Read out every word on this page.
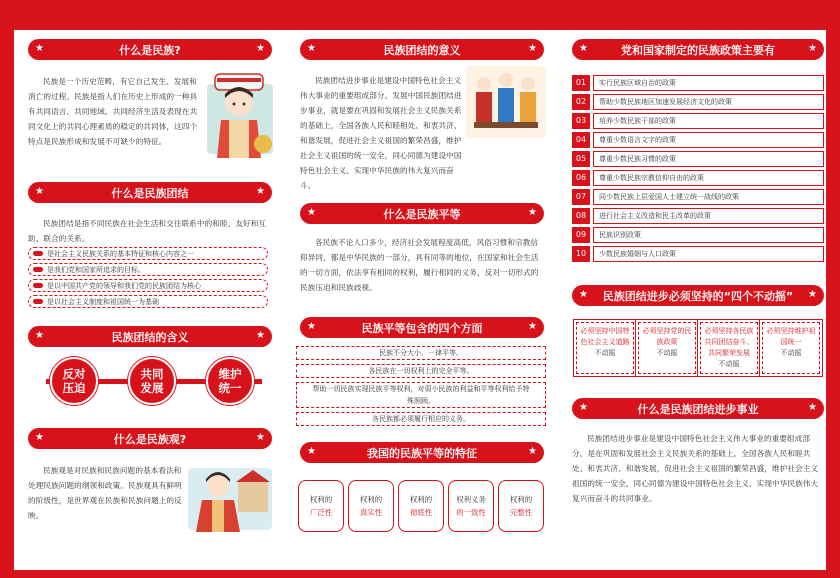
★	什么是民族?	★
民族是一个历史范畴，有它自己发生、发展和消亡的过程。民族是指人们在历史上形成的一种具有共同语言、共同地域、共同经济生活及表现在共同文化上的共同心理素质的稳定的共同体，这四个特点是民族形成和发展不可缺少的特征。
★	什么是民族团结	★
民族团结是指不同民族在社会生活和交往联系中的和睦、友好和互助、联合的关系。
是社会主义民族关系的基本特征和核心内容之一
是我们党和国家所追求的目标。
是以中国共产党的领导和我们党的民族团结为核心
是以社会主义制度和祖国统一为基础
★	民族团结的含义	★
反对
压迫
共同
发展
维护
统一
★	什么是民族观?	★
民族观是对民族和民族问题的基本看法和处理民族问题的纲领和政策。民族观具有鲜明的阶级性，是世界观在民族和民族问题上的反映。
★	民族团结的意义	★
民族团结进步事业是建设中国特色社会主义伟大事业的重要组成部分。发展中国民族团结进步事业，就是要在巩固和发展社会主义民族关系的基础上，全国各族人民和睦相处、和衷共济、和谐发展，促进社会主义祖国的繁荣昌盛，维护社会主义祖国的统一安全，同心同德为建设中国特色社会主义、实现中华民族的伟大复兴而奋斗。
★	什么是民族平等	★
各民族不论人口多少，经济社会发展程度高低，风俗习惯和宗教信仰异同，都是中华民族的一部分，具有同等的地位，在国家和社会生活的一切方面，依法享有相同的权利，履行相同的义务，反对一切形式的民族压迫和民族歧视。
★	民族平等包含的四个方面	★
民族不分大小，一律平等。
各民族在一切权利上的完全平等。
帮助一切民族实现民族平等权利，对弱小民族的利益和平等权利给予特殊照顾。
各民族都必须履行相应的义务。
★	我国的民族平等的特征	★
权利的
广泛性
权利的
真实性
权利的
彻底性
权利义务
的一致性
权利的
完整性
★	党和国家制定的民族政策主要有	★
01	实行民族区域自治的政策
02	帮助少数民族地区加速发展经济文化的政策
03	培养少数民族干部的政策
04	尊重少数语言文字的政策
05	尊重少数民族习惯的政策
06	尊重少数民族宗教信仰自由的政策
07	同少数民族上层爱国人士建立统一战线的政策
08	进行社会主义改造和民主改革的政策
09	民族识别政策
10	少数民族婚姻与人口政策
★ 民族团结进步必须坚持的“四个不动摇” ★
必须坚持中国特色社会主义道路
不动摇
必须坚持党的民族政策
不动摇
必须坚持各民族共同团结奋斗、共同繁荣发展
不动摇
必须坚持维护祖国统一
不动摇
★	什么是民族团结进步事业	★
民族团结进步事业是建设中国特色社会主义伟大事业的重要组成部分，是在巩固和发展社会主义民族关系的基础上，全国各族人民和睦共处、和衷共济、和谐发展，促进社会主义祖国的繁荣昌盛，维护社会主义祖国的统一安全，同心同德为建设中国特色社会主义、实现中华民族伟大复兴而奋斗的共同事业。
